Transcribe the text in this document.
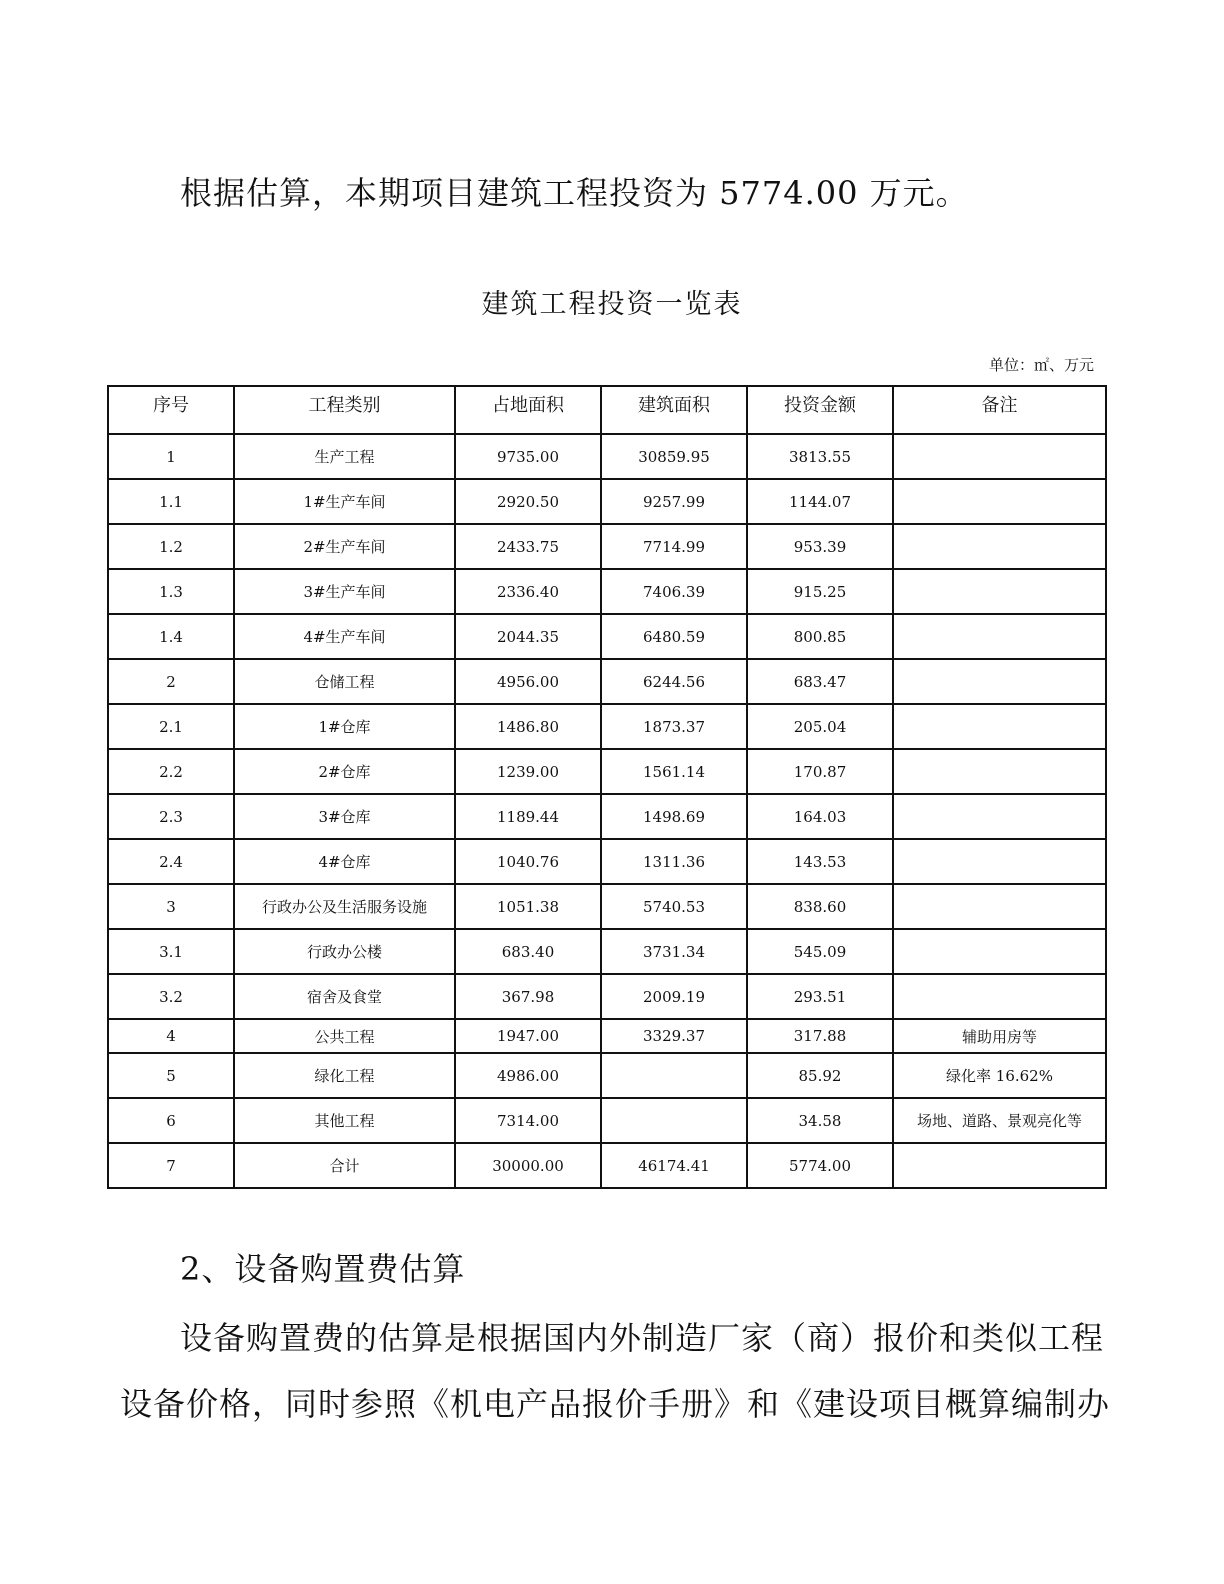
根据估算，本期项目建筑工程投资为 5774.00 万元。

建筑工程投资一览表
单位：㎡、万元
序号	工程类别	占地面积	建筑面积	投资金额	备注
1	生产工程	9735.00	30859.95	3813.55	
1.1	1#生产车间	2920.50	9257.99	1144.07	
1.2	2#生产车间	2433.75	7714.99	953.39	
1.3	3#生产车间	2336.40	7406.39	915.25	
1.4	4#生产车间	2044.35	6480.59	800.85	
2	仓储工程	4956.00	6244.56	683.47	
2.1	1#仓库	1486.80	1873.37	205.04	
2.2	2#仓库	1239.00	1561.14	170.87	
2.3	3#仓库	1189.44	1498.69	164.03	
2.4	4#仓库	1040.76	1311.36	143.53	
3	行政办公及生活服务设施	1051.38	5740.53	838.60	
3.1	行政办公楼	683.40	3731.34	545.09	
3.2	宿舍及食堂	367.98	2009.19	293.51	
4	公共工程	1947.00	3329.37	317.88	辅助用房等
5	绿化工程	4986.00		85.92	绿化率 16.62%
6	其他工程	7314.00		34.58	场地、道路、景观亮化等
7	合计	30000.00	46174.41	5774.00	

2、设备购置费估算

设备购置费的估算是根据国内外制造厂家（商）报价和类似工程设备价格，同时参照《机电产品报价手册》和《建设项目概算编制办
